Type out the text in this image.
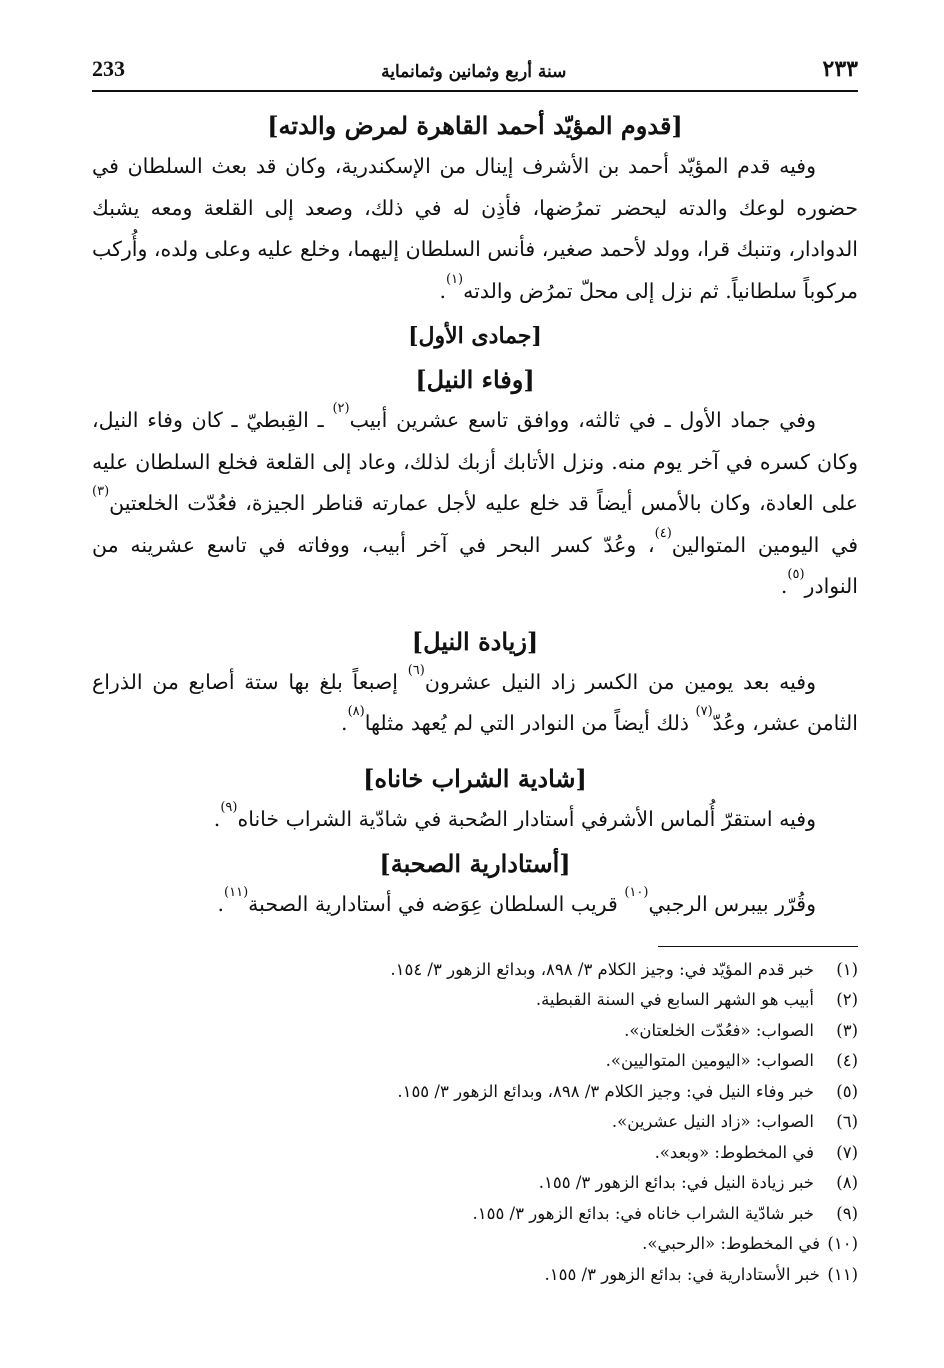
233	سنة أربع وثمانين وثمانماية	٢٣٣
[قدوم المؤيّد أحمد القاهرة لمرض والدته]

وفيه قدم المؤيّد أحمد بن الأشرف إينال من الإسكندرية، وكان قد بعث السلطان في حضوره لوعك والدته ليحضر تمرُضها، فأذِن له في ذلك، وصعد إلى القلعة ومعه يشبك الدوادار، وتنبك قرا، وولد لأحمد صغير، فأنس السلطان إليهما، وخلع عليه وعلى ولده، وأُركب مركوباً سلطانياً. ثم نزل إلى محلّ تمرُض والدته$^{(١)}$.

[جمادى الأول]
[وفاء النيل]

وفي جماد الأول ـ في ثالثه، ووافق تاسع عشرين أبيب$^{(٢)}$ ـ القِبطيّ ـ كان وفاء النيل، وكان كسره في آخر يوم منه. ونزل الأتابك أزبك لذلك، وعاد إلى القلعة فخلع السلطان عليه على العادة، وكان بالأمس أيضاً قد خلع عليه لأجل عمارته قناطر الجيزة، فعُدّت الخلعتين$^{(٣)}$ في اليومين المتوالين$^{(٤)}$، وعُدّ كسر البحر في آخر أبيب، ووفاته في تاسع عشرينه من النوادر$^{(٥)}$.

[زيادة النيل]

وفيه بعد يومين من الكسر زاد النيل عشرون$^{(٦)}$ إصبعاً بلغ بها ستة أصابع من الذراع الثامن عشر، وعُدّ$^{(٧)}$ ذلك أيضاً من النوادر التي لم يُعهد مثلها$^{(٨)}$.

[شادية الشراب خاناه]

وفيه استقرّ أُلماس الأشرفي أستادار الصُحبة في شادّية الشراب خاناه$^{(٩)}$.

[أستادارية الصحبة]

وقُرّر بيبرس الرجبي$^{(١٠)}$ قريب السلطان عِوَضه في أستادارية الصحبة$^{(١١)}$.

(١)
خبر قدم المؤيّد في: وجيز الكلام ٣/ ٨٩٨، وبدائع الزهور ٣/ ١٥٤.
(٢)
أبيب هو الشهر السابع في السنة القبطية.
(٣)
الصواب: «فعُدّت الخلعتان».
(٤)
الصواب: «اليومين المتواليين».
(٥)
خبر وفاء النيل في: وجيز الكلام ٣/ ٨٩٨، وبدائع الزهور ٣/ ١٥٥.
(٦)
الصواب: «زاد النيل عشرين».
(٧)
في المخطوط: «وبعد».
(٨)
خبر زيادة النيل في: بدائع الزهور ٣/ ١٥٥.
(٩)
خبر شادّية الشراب خاناه في: بدائع الزهور ٣/ ١٥٥.
(١٠)
في المخطوط: «الرحبي».
(١١)
خبر الأستادارية في: بدائع الزهور ٣/ ١٥٥.
